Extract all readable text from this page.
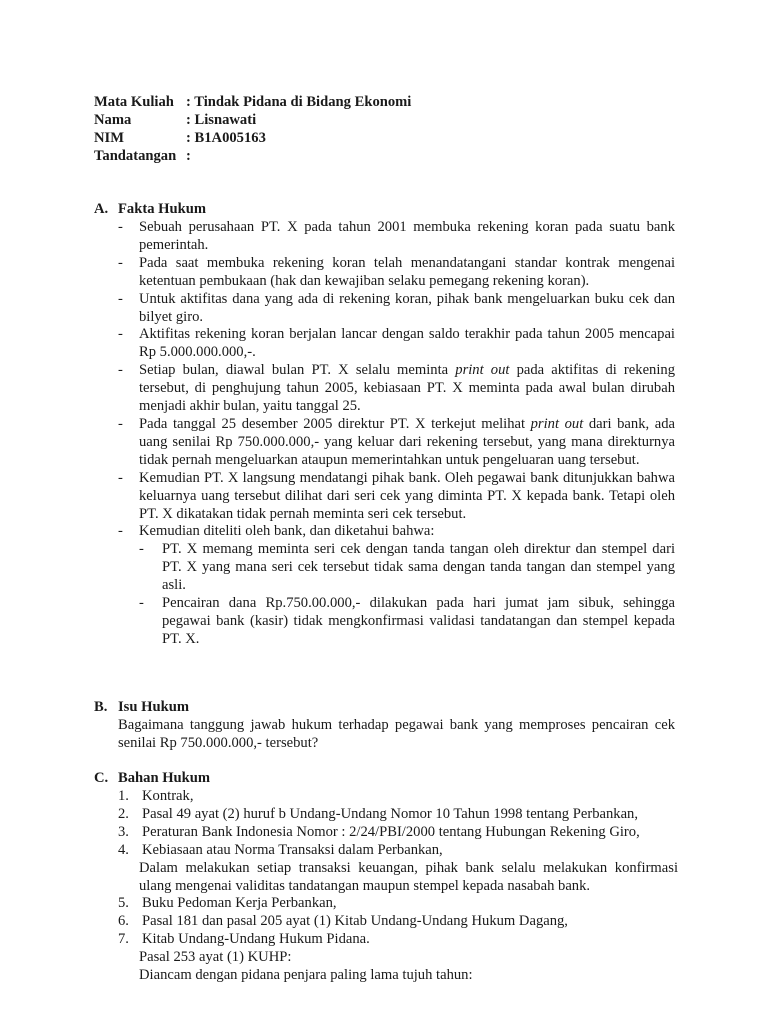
Mata Kuliah : Tindak Pidana di Bidang Ekonomi
Nama	: Lisnawati
NIM	: B1A005163
Tandatangan :
A. Fakta Hukum
-	Sebuah perusahaan PT. X pada tahun 2001 membuka rekening koran pada suatu bank pemerintah.
-	Pada saat membuka rekening koran telah menandatangani standar kontrak mengenai ketentuan pembukaan (hak dan kewajiban selaku pemegang rekening koran).
-	Untuk aktifitas dana yang ada di rekening koran, pihak bank mengeluarkan buku cek dan bilyet giro.
-	Aktifitas rekening koran berjalan lancar dengan saldo terakhir pada tahun 2005 mencapai Rp 5.000.000.000,-.
-	Setiap bulan, diawal bulan PT. X selalu meminta print out pada aktifitas di rekening tersebut, di penghujung tahun 2005, kebiasaan PT. X meminta pada awal bulan dirubah menjadi akhir bulan, yaitu tanggal 25.
-	Pada tanggal 25 desember 2005 direktur PT. X terkejut melihat print out dari bank, ada uang senilai Rp 750.000.000,- yang keluar dari rekening tersebut, yang mana direkturnya tidak pernah mengeluarkan ataupun memerintahkan untuk pengeluaran uang tersebut.
-	Kemudian PT. X langsung mendatangi pihak bank. Oleh pegawai bank ditunjukkan bahwa keluarnya uang tersebut dilihat dari seri cek yang diminta PT. X kepada bank. Tetapi oleh PT. X dikatakan tidak pernah meminta seri cek tersebut.
-	Kemudian diteliti oleh bank, dan diketahui bahwa:
-	PT. X memang meminta seri cek dengan tanda tangan oleh direktur dan stempel dari PT. X yang mana seri cek tersebut tidak sama dengan tanda tangan dan stempel yang asli.
-	Pencairan dana Rp.750.00.000,- dilakukan pada hari jumat jam sibuk, sehingga pegawai bank (kasir) tidak mengkonfirmasi validasi tandatangan dan stempel kepada PT. X.
B. Isu Hukum
Bagaimana tanggung jawab hukum terhadap pegawai bank yang memproses pencairan cek senilai Rp 750.000.000,- tersebut?
C. Bahan Hukum
1. Kontrak,
2. Pasal 49 ayat (2) huruf b Undang-Undang Nomor 10 Tahun 1998 tentang Perbankan,
3. Peraturan Bank Indonesia Nomor : 2/24/PBI/2000 tentang Hubungan Rekening Giro,
4. Kebiasaan atau Norma Transaksi dalam Perbankan,
Dalam melakukan setiap transaksi keuangan, pihak bank selalu melakukan konfirmasi ulang mengenai validitas tandatangan maupun stempel kepada nasabah bank.
5. Buku Pedoman Kerja Perbankan,
6. Pasal 181 dan pasal 205 ayat (1) Kitab Undang-Undang Hukum Dagang,
7. Kitab Undang-Undang Hukum Pidana.
Pasal 253 ayat (1) KUHP:
Diancam dengan pidana penjara paling lama tujuh tahun:
